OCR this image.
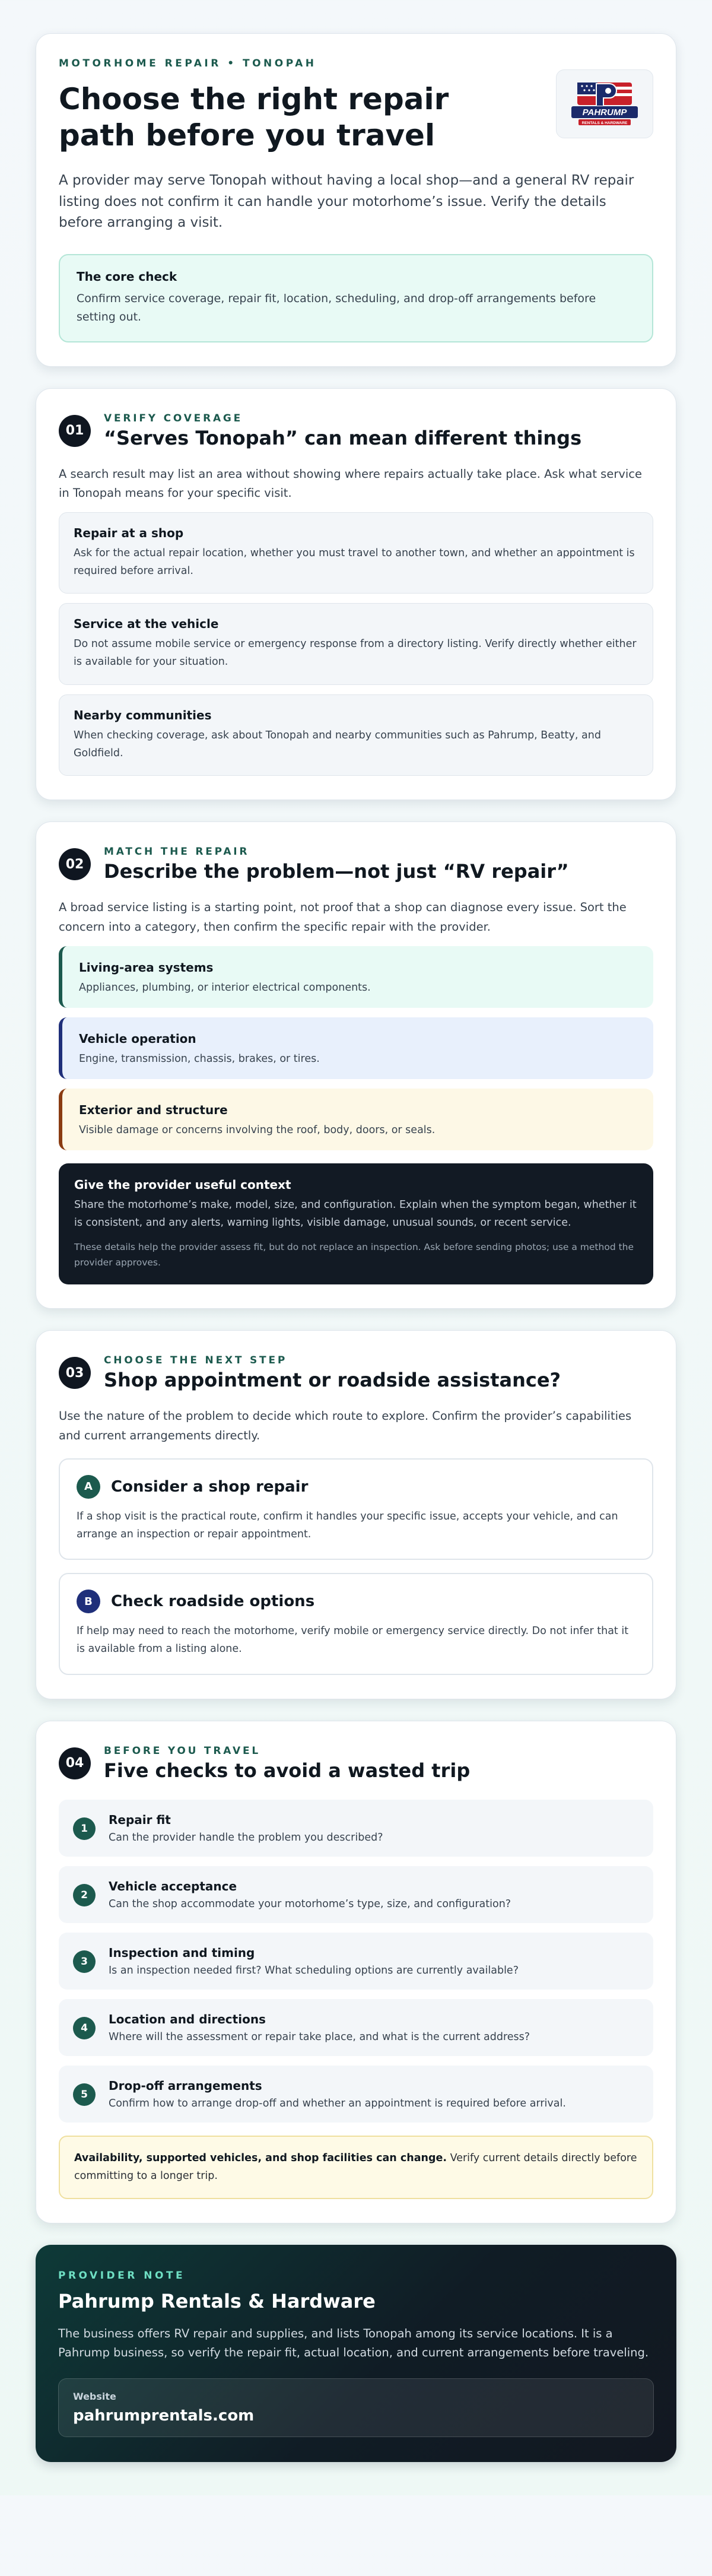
MOTORHOME REPAIR • TONOPAH
Choose the right repair path before you travel
PAHRUMP
RENTALS & HARDWARE

A provider may serve Tonopah without having a local shop—and a general RV repair listing does not confirm it can handle your motorhome’s issue. Verify the details before arranging a visit.

The core check
Confirm service coverage, repair fit, location, scheduling, and drop-off arrangements before setting out.
01
VERIFY COVERAGE
“Serves Tonopah” can mean different things

A search result may list an area without showing where repairs actually take place. Ask what service in Tonopah means for your specific visit.

Repair at a shop
Ask for the actual repair location, whether you must travel to another town, and whether an appointment is required before arrival.
Service at the vehicle
Do not assume mobile service or emergency response from a directory listing. Verify directly whether either is available for your situation.
Nearby communities
When checking coverage, ask about Tonopah and nearby communities such as Pahrump, Beatty, and Goldfield.
02
MATCH THE REPAIR
Describe the problem—not just “RV repair”

A broad service listing is a starting point, not proof that a shop can diagnose every issue. Sort the concern into a category, then confirm the specific repair with the provider.

Living-area systems
Appliances, plumbing, or interior electrical components.
Vehicle operation
Engine, transmission, chassis, brakes, or tires.
Exterior and structure
Visible damage or concerns involving the roof, body, doors, or seals.
Give the provider useful context
Share the motorhome’s make, model, size, and configuration. Explain when the symptom began, whether it is consistent, and any alerts, warning lights, visible damage, unusual sounds, or recent service.
These details help the provider assess fit, but do not replace an inspection. Ask before sending photos; use a method the provider approves.
03
CHOOSE THE NEXT STEP
Shop appointment or roadside assistance?

Use the nature of the problem to decide which route to explore. Confirm the provider’s capabilities and current arrangements directly.

A	Consider a shop repair
If a shop visit is the practical route, confirm it handles your specific issue, accepts your vehicle, and can arrange an inspection or repair appointment.
B	Check roadside options
If help may need to reach the motorhome, verify mobile or emergency service directly. Do not infer that it is available from a listing alone.
04
BEFORE YOU TRAVEL
Five checks to avoid a wasted trip
1
Repair fit
Can the provider handle the problem you described?
2
Vehicle acceptance
Can the shop accommodate your motorhome’s type, size, and configuration?
3
Inspection and timing
Is an inspection needed first? What scheduling options are currently available?
4
Location and directions
Where will the assessment or repair take place, and what is the current address?
5
Drop-off arrangements
Confirm how to arrange drop-off and whether an appointment is required before arrival.
Availability, supported vehicles, and shop facilities can change. Verify current details directly before committing to a longer trip.
PROVIDER NOTE
Pahrump Rentals & Hardware

The business offers RV repair and supplies, and lists Tonopah among its service locations. It is a Pahrump business, so verify the repair fit, actual location, and current arrangements before traveling.

Website
pahrumprentals.com
